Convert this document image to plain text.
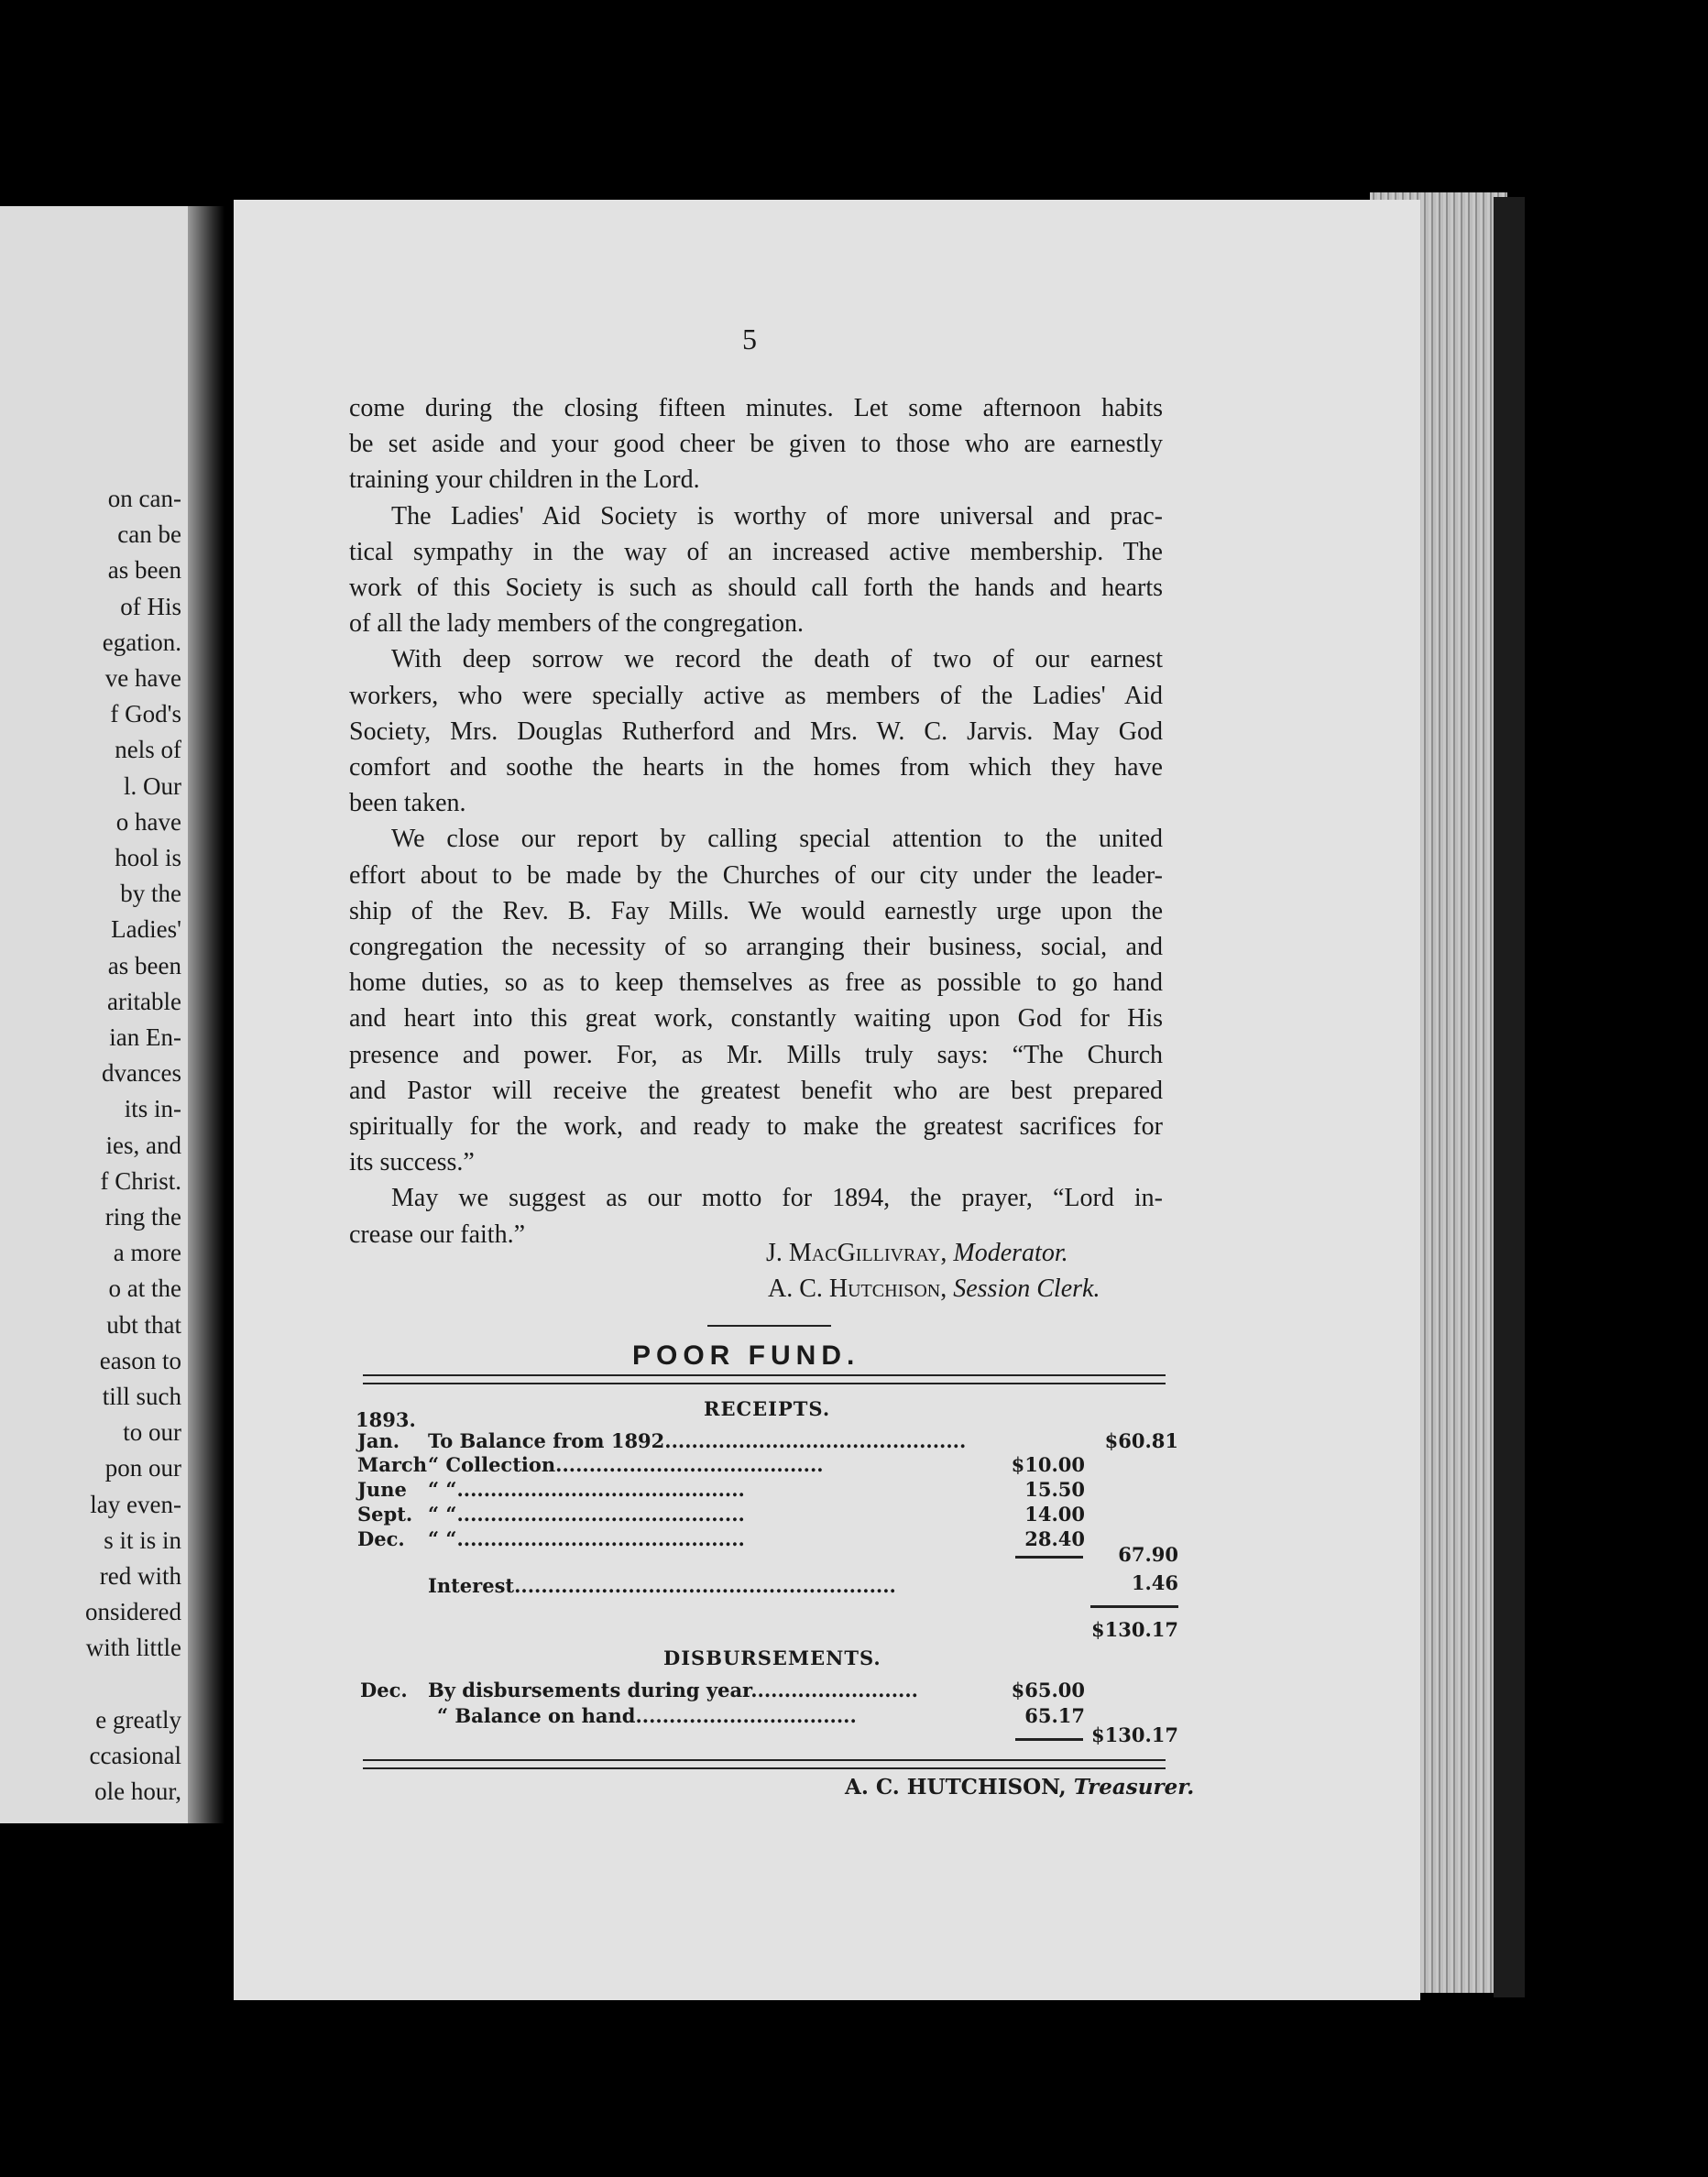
on can-
can be
as been
of His
egation.
ve have
f God's
nels of
l. Our
o have
hool is
by the
Ladies'
as been
aritable
ian En-
dvances
its in-
ies, and
f Christ.
ring the
a more
o at the
ubt that
eason to
till such
to our
pon our
lay even-
s it is in
red with
onsidered
with little
e greatly
ccasional
ole hour,
5
come during the closing fifteen minutes. Let some afternoon habits
be set aside and your good cheer be given to those who are earnestly
training your children in the Lord.
The Ladies' Aid Society is worthy of more universal and prac-
tical sympathy in the way of an increased active membership. The
work of this Society is such as should call forth the hands and hearts
of all the lady members of the congregation.
With deep sorrow we record the death of two of our earnest
workers, who were specially active as members of the Ladies' Aid
Society, Mrs. Douglas Rutherford and Mrs. W. C. Jarvis. May God
comfort and soothe the hearts in the homes from which they have
been taken.
We close our report by calling special attention to the united
effort about to be made by the Churches of our city under the leader-
ship of the Rev. B. Fay Mills. We would earnestly urge upon the
congregation the necessity of so arranging their business, social, and
home duties, so as to keep themselves as free as possible to go hand
and heart into this great work, constantly waiting upon God for His
presence and power. For, as Mr. Mills truly says: “The Church
and Pastor will receive the greatest benefit who are best prepared
spiritually for the work, and ready to make the greatest sacrifices for
its success.”
May we suggest as our motto for 1894, the prayer, “Lord in-
crease our faith.”
J. MacGillivray, Moderator.
A. C. Hutchison, Session Clerk.
POOR FUND.
RECEIPTS.
1893.
Jan. To Balance from 1892.............................................	$60.81
March “ Collection........................................	$10.00
June “ “...........................................	15.50
Sept. “ “...........................................	14.00
Dec. “ “...........................................	28.40
67.90
Interest.........................................................	1.46
$130.17
DISBURSEMENTS.
Dec. By disbursements during year.........................	$65.00
“ Balance on hand.................................	65.17
$130.17
A. C. HUTCHISON, Treasurer.
